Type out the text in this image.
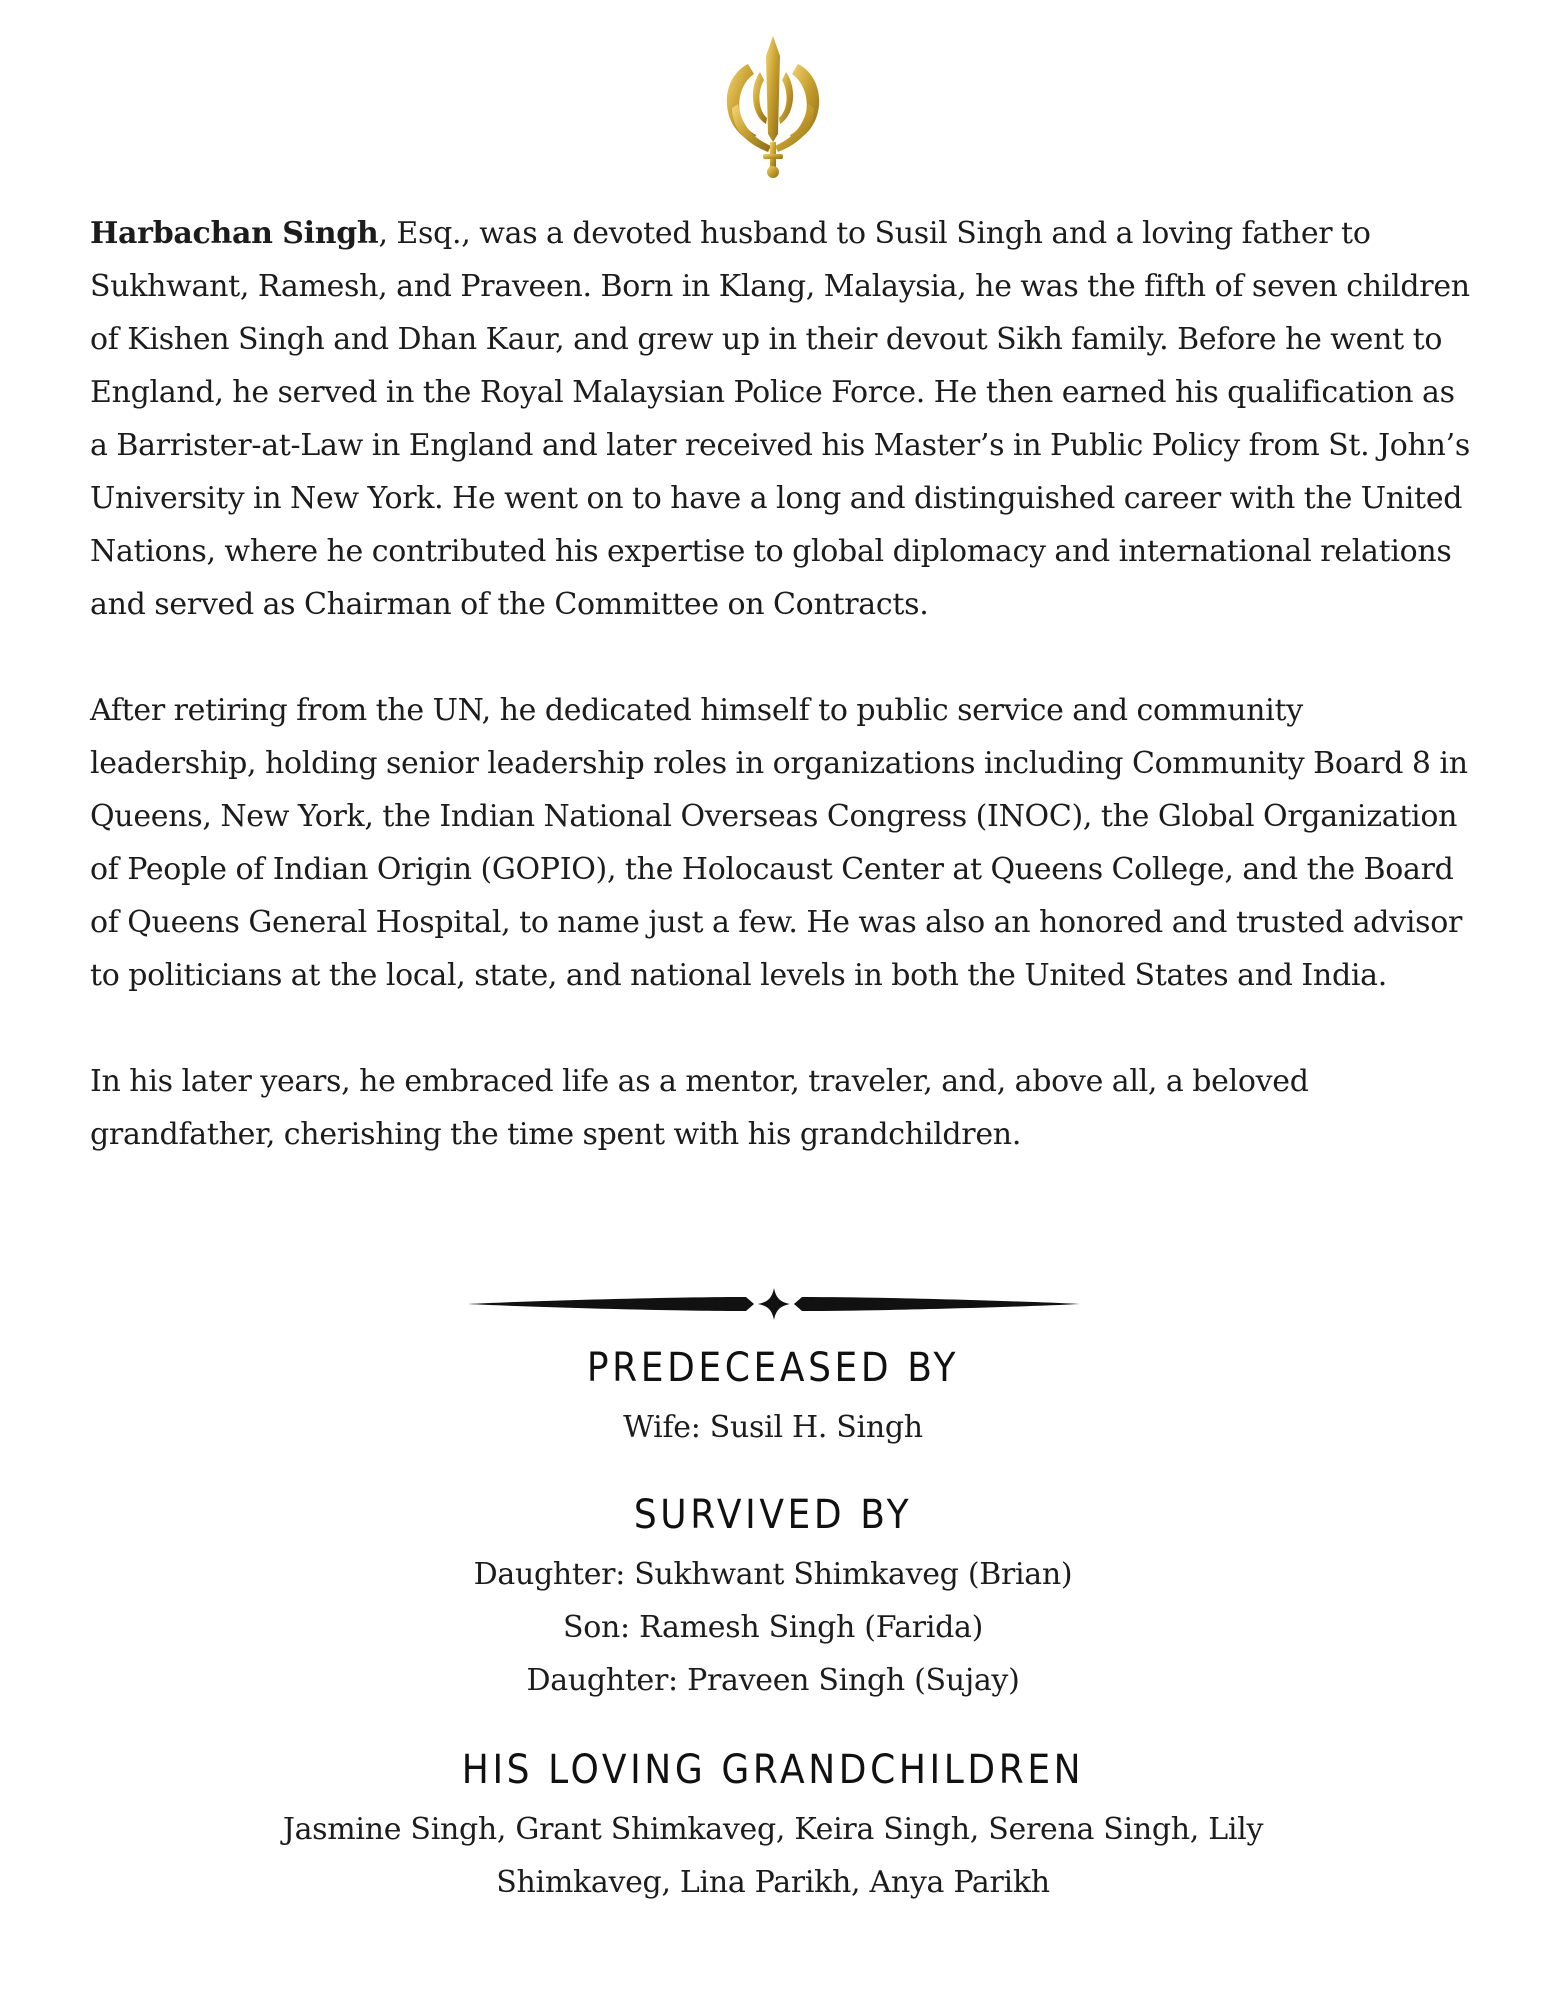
Harbachan Singh, Esq., was a devoted husband to Susil Singh and a loving father to Sukhwant, Ramesh, and Praveen. Born in Klang, Malaysia, he was the fifth of seven children of Kishen Singh and Dhan Kaur, and grew up in their devout Sikh family. Before he went to England, he served in the Royal Malaysian Police Force. He then earned his qualification as a Barrister-at-Law in England and later received his Master’s in Public Policy from St. John’s University in New York. He went on to have a long and distinguished career with the United Nations, where he contributed his expertise to global diplomacy and international relations and served as Chairman of the Committee on Contracts.

After retiring from the UN, he dedicated himself to public service and community leadership, holding senior leadership roles in organizations including Community Board 8 in Queens, New York, the Indian National Overseas Congress (INOC), the Global Organization of People of Indian Origin (GOPIO), the Holocaust Center at Queens College, and the Board of Queens General Hospital, to name just a few. He was also an honored and trusted advisor to politicians at the local, state, and national levels in both the United States and India.

In his later years, he embraced life as a mentor, traveler, and, above all, a beloved grandfather, cherishing the time spent with his grandchildren.

PREDECEASED BY

Wife: Susil H. Singh

SURVIVED BY

Daughter: Sukhwant Shimkaveg (Brian)

Son: Ramesh Singh (Farida)

Daughter: Praveen Singh (Sujay)

HIS LOVING GRANDCHILDREN

Jasmine Singh, Grant Shimkaveg, Keira Singh, Serena Singh, Lily Shimkaveg, Lina Parikh, Anya Parikh
